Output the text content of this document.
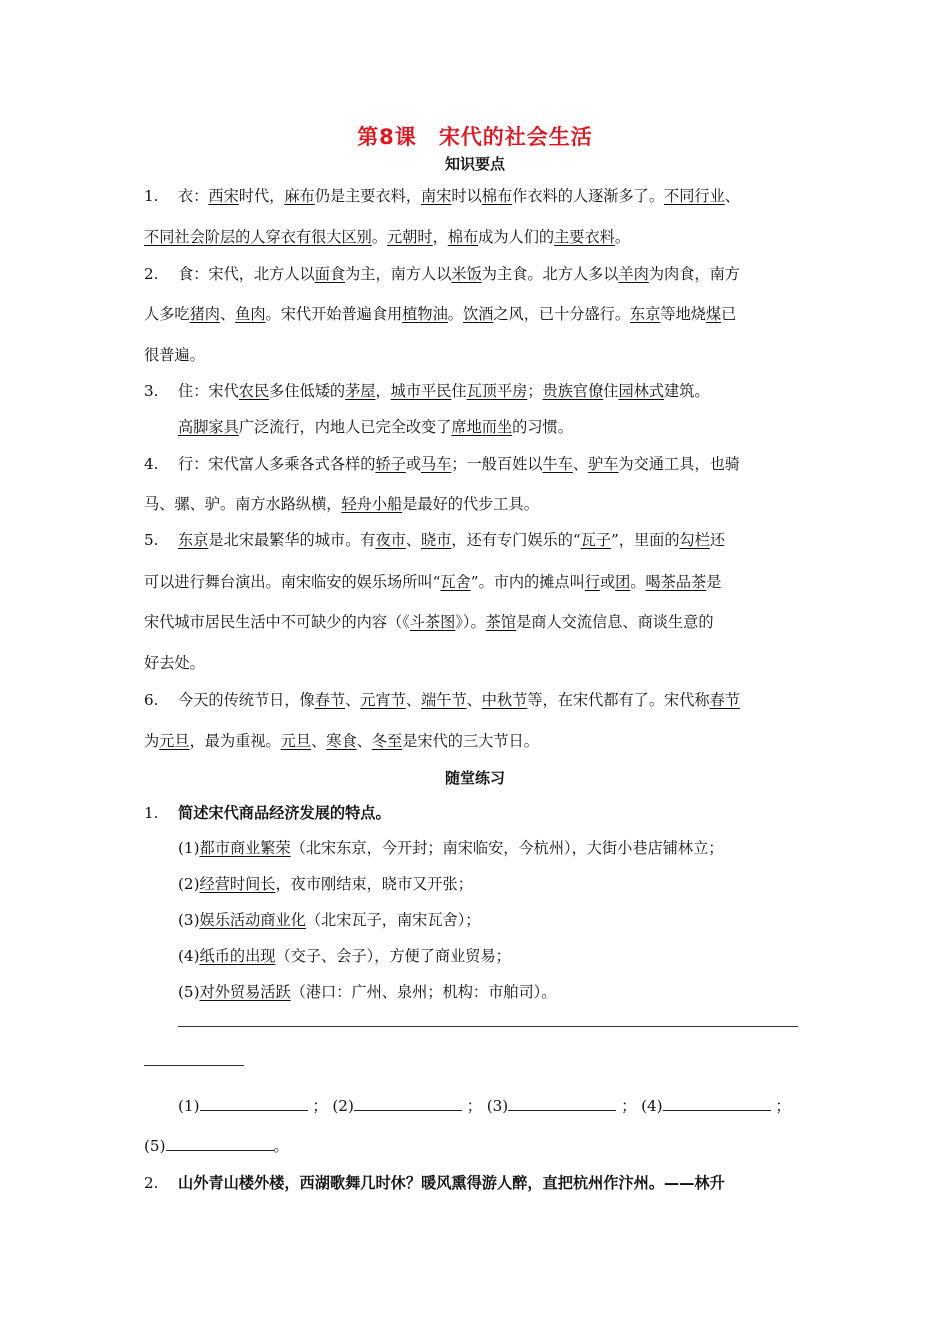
第8课 宋代的社会生活
知识要点
1. 衣：西宋时代，麻布仍是主要衣料，南宋时以棉布作衣料的人逐渐多了。不同行业、
不同社会阶层的人穿衣有很大区别。元朝时，棉布成为人们的主要衣料。
2. 食：宋代，北方人以面食为主，南方人以米饭为主食。北方人多以羊肉为肉食，南方
人多吃猪肉、鱼肉。宋代开始普遍食用植物油。饮酒之风，已十分盛行。东京等地烧煤已
很普遍。
3. 住：宋代农民多住低矮的茅屋，城市平民住瓦顶平房；贵族官僚住园林式建筑。
高脚家具广泛流行，内地人已完全改变了席地而坐的习惯。
4. 行：宋代富人多乘各式各样的轿子或马车；一般百姓以牛车、驴车为交通工具，也骑
马、骡、驴。南方水路纵横，轻舟小船是最好的代步工具。
5. 东京是北宋最繁华的城市。有夜市、晓市，还有专门娱乐的“瓦子”，里面的勾栏还
可以进行舞台演出。南宋临安的娱乐场所叫“瓦舍”。市内的摊点叫行或团。喝茶品茶是
宋代城市居民生活中不可缺少的内容（《斗茶图》）。茶馆是商人交流信息、商谈生意的
好去处。
6. 今天的传统节日，像春节、元宵节、端午节、中秋节等，在宋代都有了。宋代称春节
为元旦，最为重视。元旦、寒食、冬至是宋代的三大节日。
随堂练习
1. 简述宋代商品经济发展的特点。
(1)都市商业繁荣（北宋东京，今开封；南宋临安，今杭州），大街小巷店铺林立；
(2)经营时间长，夜市刚结束，晓市又开张；
(3)娱乐活动商业化（北宋瓦子，南宋瓦舍）；
(4)纸币的出现（交子、会子），方便了商业贸易；
(5)对外贸易活跃（港口：广州、泉州；机构：市舶司）。
(1)	； (2)	； (3)	； (4)	；
(5)	。
2. 山外青山楼外楼，西湖歌舞几时休？暖风熏得游人醉，直把杭州作汴州。——林升
